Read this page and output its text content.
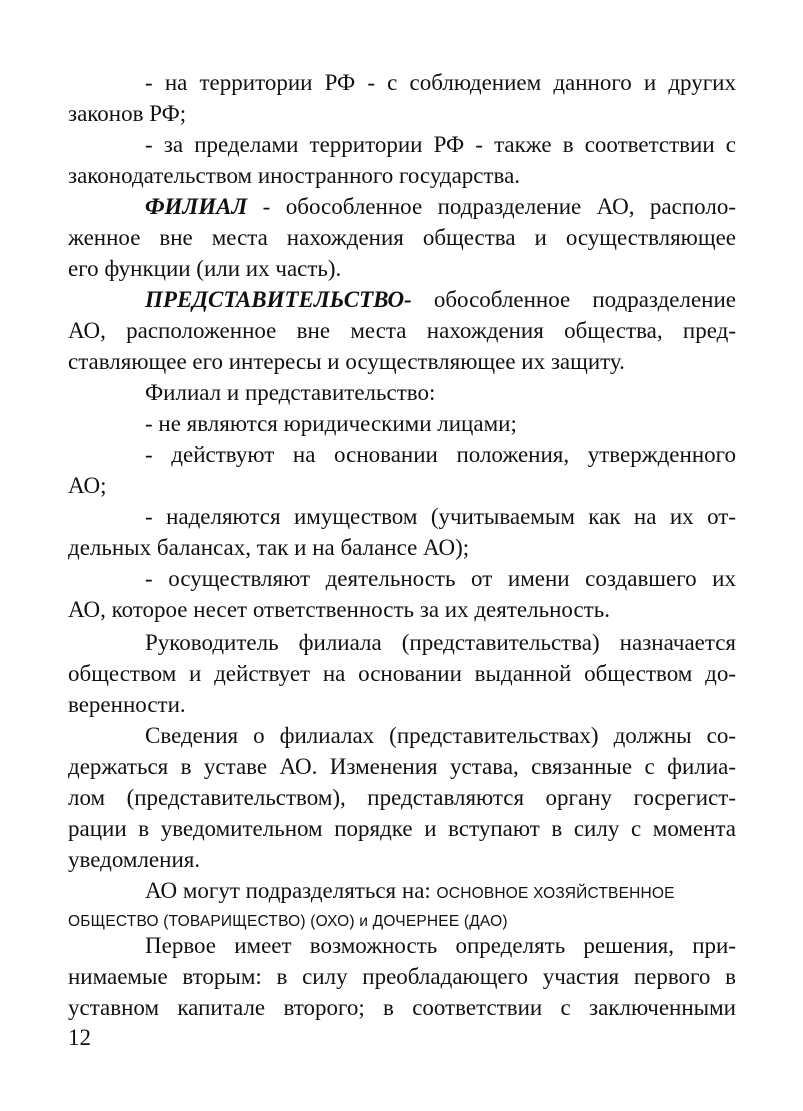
- на территории РФ - с соблюдением данного и других
законов РФ;
- за пределами территории РФ - также в соответствии с
законодательством иностранного государства.
ФИЛИАЛ - обособленное подразделение АО, располо-
женное вне места нахождения общества и осуществляющее
его функции (или их часть).
ПРЕДСТАВИТЕЛЬСТВО- обособленное подразделение
АО, расположенное вне места нахождения общества, пред-
ставляющее его интересы и осуществляющее их защиту.
Филиал и представительство:
- не являются юридическими лицами;
- действуют на основании положения, утвержденного
АО;
- наделяются имуществом (учитываемым как на их от-
дельных балансах, так и на балансе АО);
- осуществляют деятельность от имени создавшего их
АО, которое несет ответственность за их деятельность.
Руководитель филиала (представительства) назначается
обществом и действует на основании выданной обществом до-
веренности.
Сведения о филиалах (представительствах) должны со-
держаться в уставе АО. Изменения устава, связанные с филиа-
лом (представительством), представляются органу госрегист-
рации в уведомительном порядке и вступают в силу с момента
уведомления.
АО могут подразделяться на: ОСНОВНОЕ ХОЗЯЙСТВЕННОЕ
ОБЩЕСТВО (ТОВАРИЩЕСТВО) (ОХО) и ДОЧЕРНЕЕ (ДАО)
Первое имеет возможность определять решения, при-
нимаемые вторым: в силу преобладающего участия первого в
уставном капитале второго; в соответствии с заключенными
12
